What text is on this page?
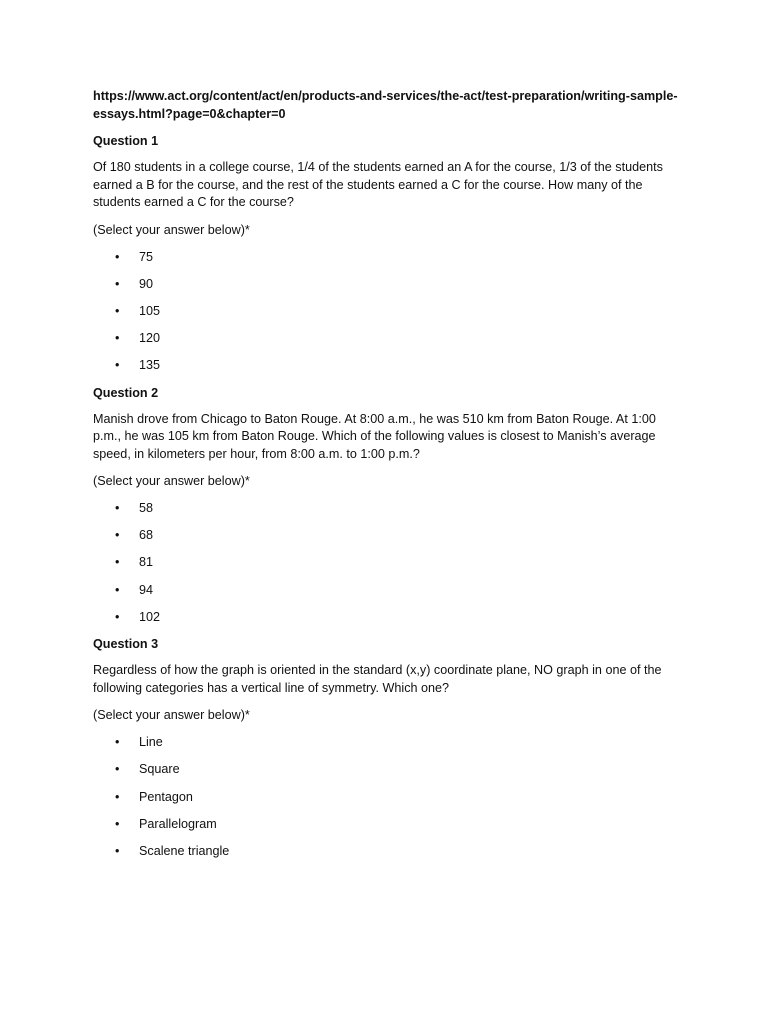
https://www.act.org/content/act/en/products-and-services/the-act/test-preparation/writing-sample-essays.html?page=0&chapter=0

Question 1

Of 180 students in a college course, 1/4 of the students earned an A for the course, 1/3 of the students earned a B for the course, and the rest of the students earned a C for the course. How many of the students earned a C for the course?

(Select your answer below)*

• 75
• 90
• 105
• 120
• 135

Question 2

Manish drove from Chicago to Baton Rouge. At 8:00 a.m., he was 510 km from Baton Rouge. At 1:00 p.m., he was 105 km from Baton Rouge. Which of the following values is closest to Manish’s average speed, in kilometers per hour, from 8:00 a.m. to 1:00 p.m.?

(Select your answer below)*

• 58
• 68
• 81
• 94
• 102

Question 3

Regardless of how the graph is oriented in the standard (x,y) coordinate plane, NO graph in one of the following categories has a vertical line of symmetry. Which one?

(Select your answer below)*

• Line
• Square
• Pentagon
• Parallelogram
• Scalene triangle
